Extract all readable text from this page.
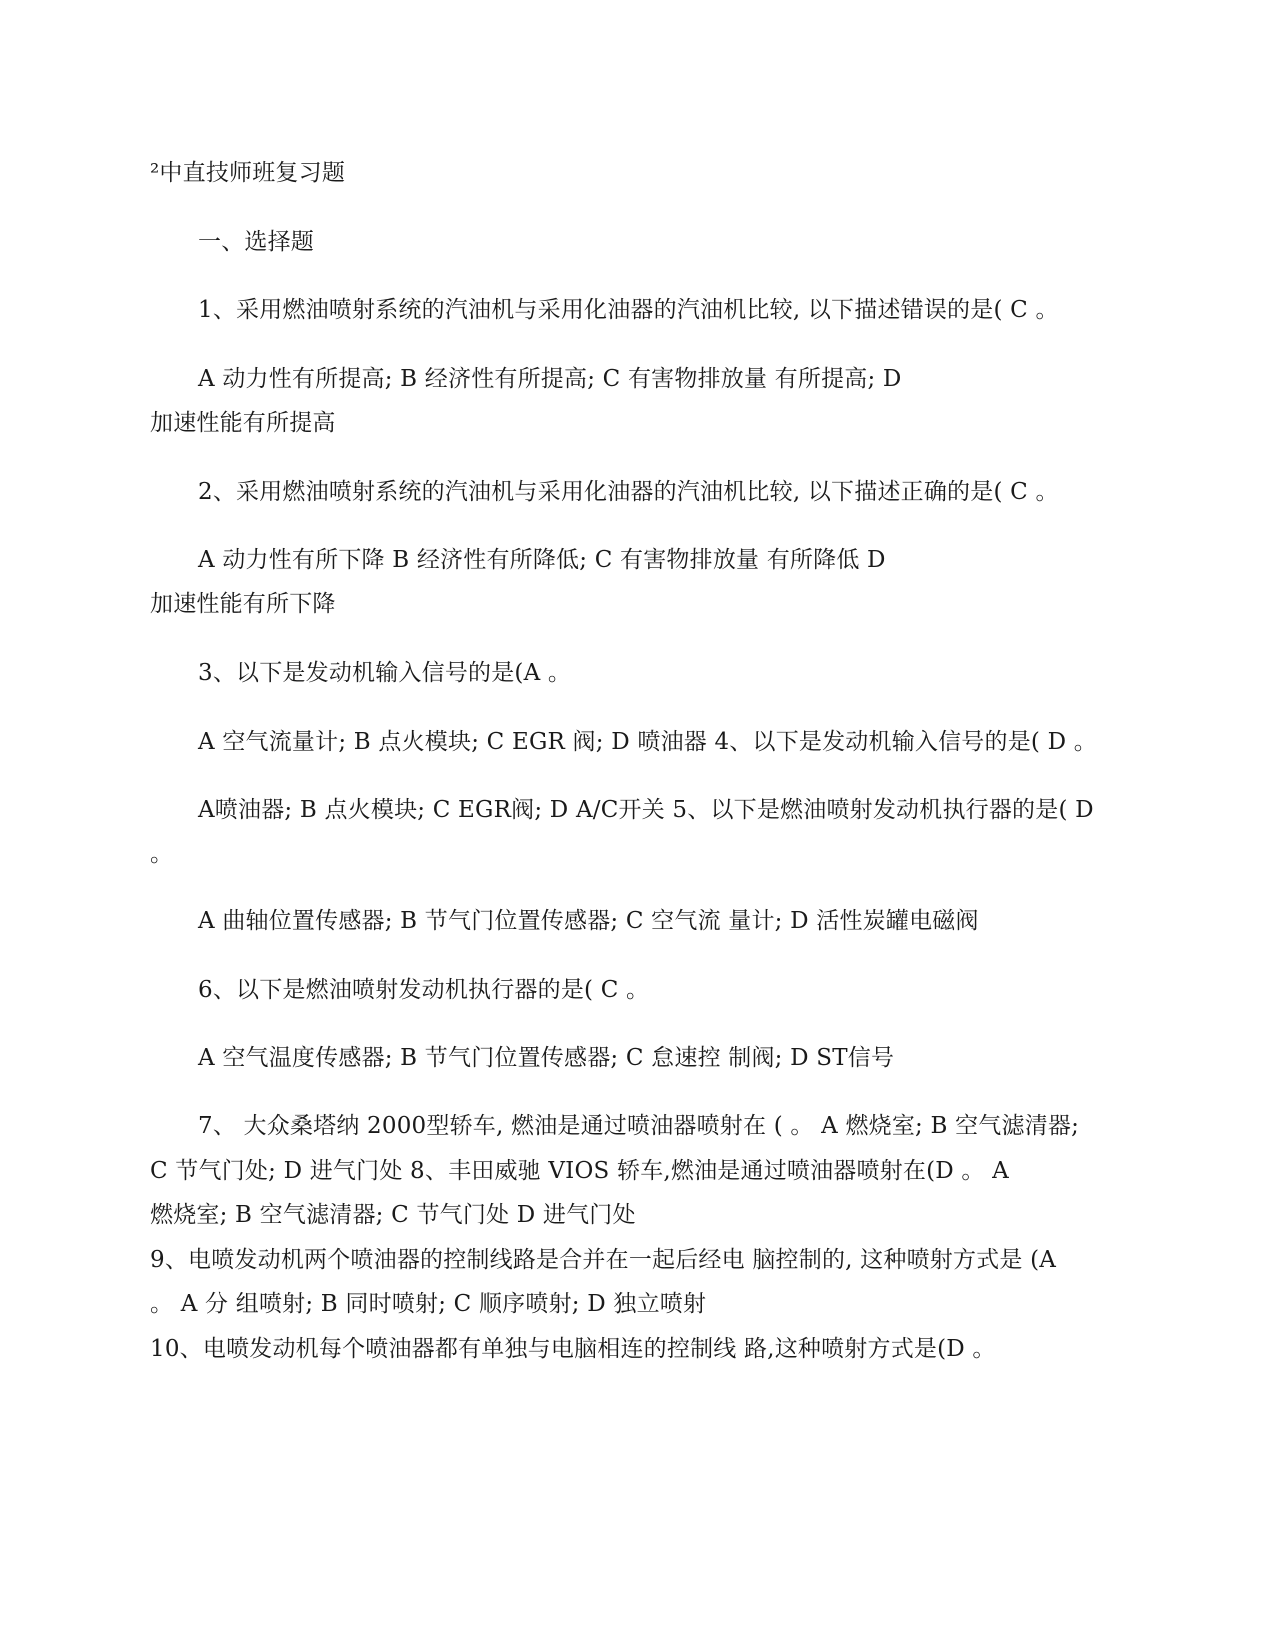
²中直技师班复习题
一、选择题
1、采用燃油喷射系统的汽油机与采用化油器的汽油机比较, 以下描述错误的是( C 。
A 动力性有所提高; B 经济性有所提高; C 有害物排放量 有所提高; D
加速性能有所提高
2、采用燃油喷射系统的汽油机与采用化油器的汽油机比较, 以下描述正确的是( C 。
A 动力性有所下降 B 经济性有所降低; C 有害物排放量 有所降低 D
加速性能有所下降
3、以下是发动机输入信号的是(A 。
A 空气流量计; B 点火模块; C EGR 阀; D 喷油器 4、以下是发动机输入信号的是( D 。
A喷油器; B 点火模块; C EGR阀; D A/C开关 5、以下是燃油喷射发动机执行器的是( D
。
A 曲轴位置传感器; B 节气门位置传感器; C 空气流 量计; D 活性炭罐电磁阀
6、以下是燃油喷射发动机执行器的是( C 。
A 空气温度传感器; B 节气门位置传感器; C 怠速控 制阀; D ST信号
7、 大众桑塔纳 2000型轿车, 燃油是通过喷油器喷射在 ( 。 A 燃烧室; B 空气滤清器;
C 节气门处; D 进气门处 8、丰田威驰 VIOS 轿车,燃油是通过喷油器喷射在(D 。 A
燃烧室; B 空气滤清器; C 节气门处 D 进气门处
9、电喷发动机两个喷油器的控制线路是合并在一起后经电 脑控制的, 这种喷射方式是 (A
。 A 分 组喷射; B 同时喷射; C 顺序喷射; D 独立喷射
10、电喷发动机每个喷油器都有单独与电脑相连的控制线 路,这种喷射方式是(D 。
